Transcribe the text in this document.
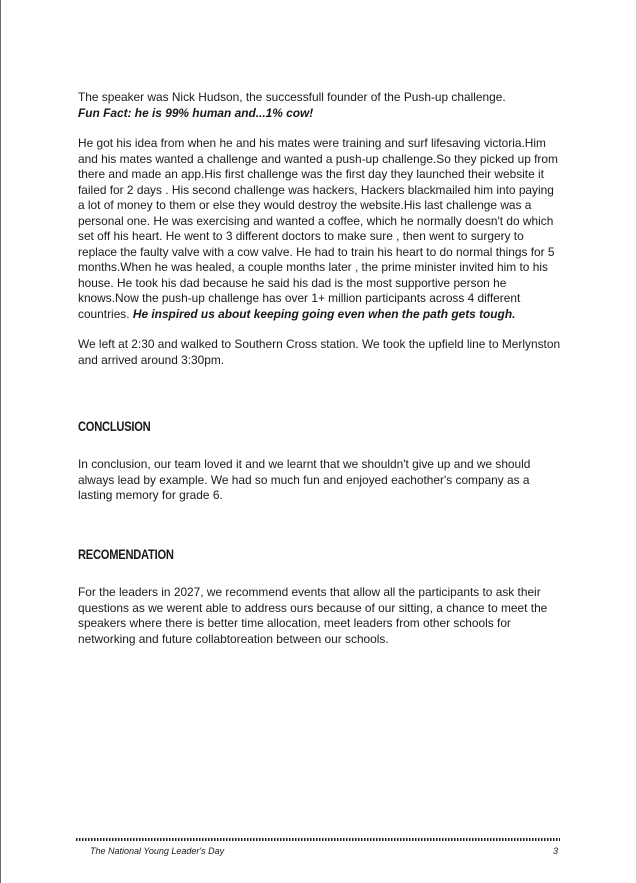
The speaker was Nick Hudson, the successfull founder of the Push-up challenge.

Fun Fact: he is 99% human and...1% cow!

He got his idea from when he and his mates were training and surf lifesaving victoria.Him and his mates wanted a challenge and wanted a push-up challenge.So they picked up from there and made an app.His first challenge was the first day they launched their website it failed for 2 days . His second challenge was hackers, Hackers blackmailed him into paying a lot of money to them or else they would destroy the website.His last challenge was a personal one. He was exercising and wanted a coffee, which he normally doesn't do which set off his heart. He went to 3 different doctors to make sure , then went to surgery to replace the faulty valve with a cow valve. He had to train his heart to do normal things for 5 months.When he was healed, a couple months later , the prime minister invited him to his house. He took his dad because he said his dad is the most supportive person he knows.Now the push-up challenge has over 1+ million participants across 4 different countries. He inspired us about keeping going even when the path gets tough.

We left at 2:30 and walked to Southern Cross station. We took the upfield line to Merlynston and arrived around 3:30pm.

CONCLUSION

In conclusion, our team loved it and we learnt that we shouldn't give up and we should always lead by example. We had so much fun and enjoyed eachother's company as a lasting memory for grade 6.

RECOMENDATION

For the leaders in 2027, we recommend events that allow all the participants to ask their questions as we werent able to address ours because of our sitting, a chance to meet the speakers where there is better time allocation, meet leaders from other schools for networking and future collabtoreation between our schools.

The National Young Leader's Day	3
